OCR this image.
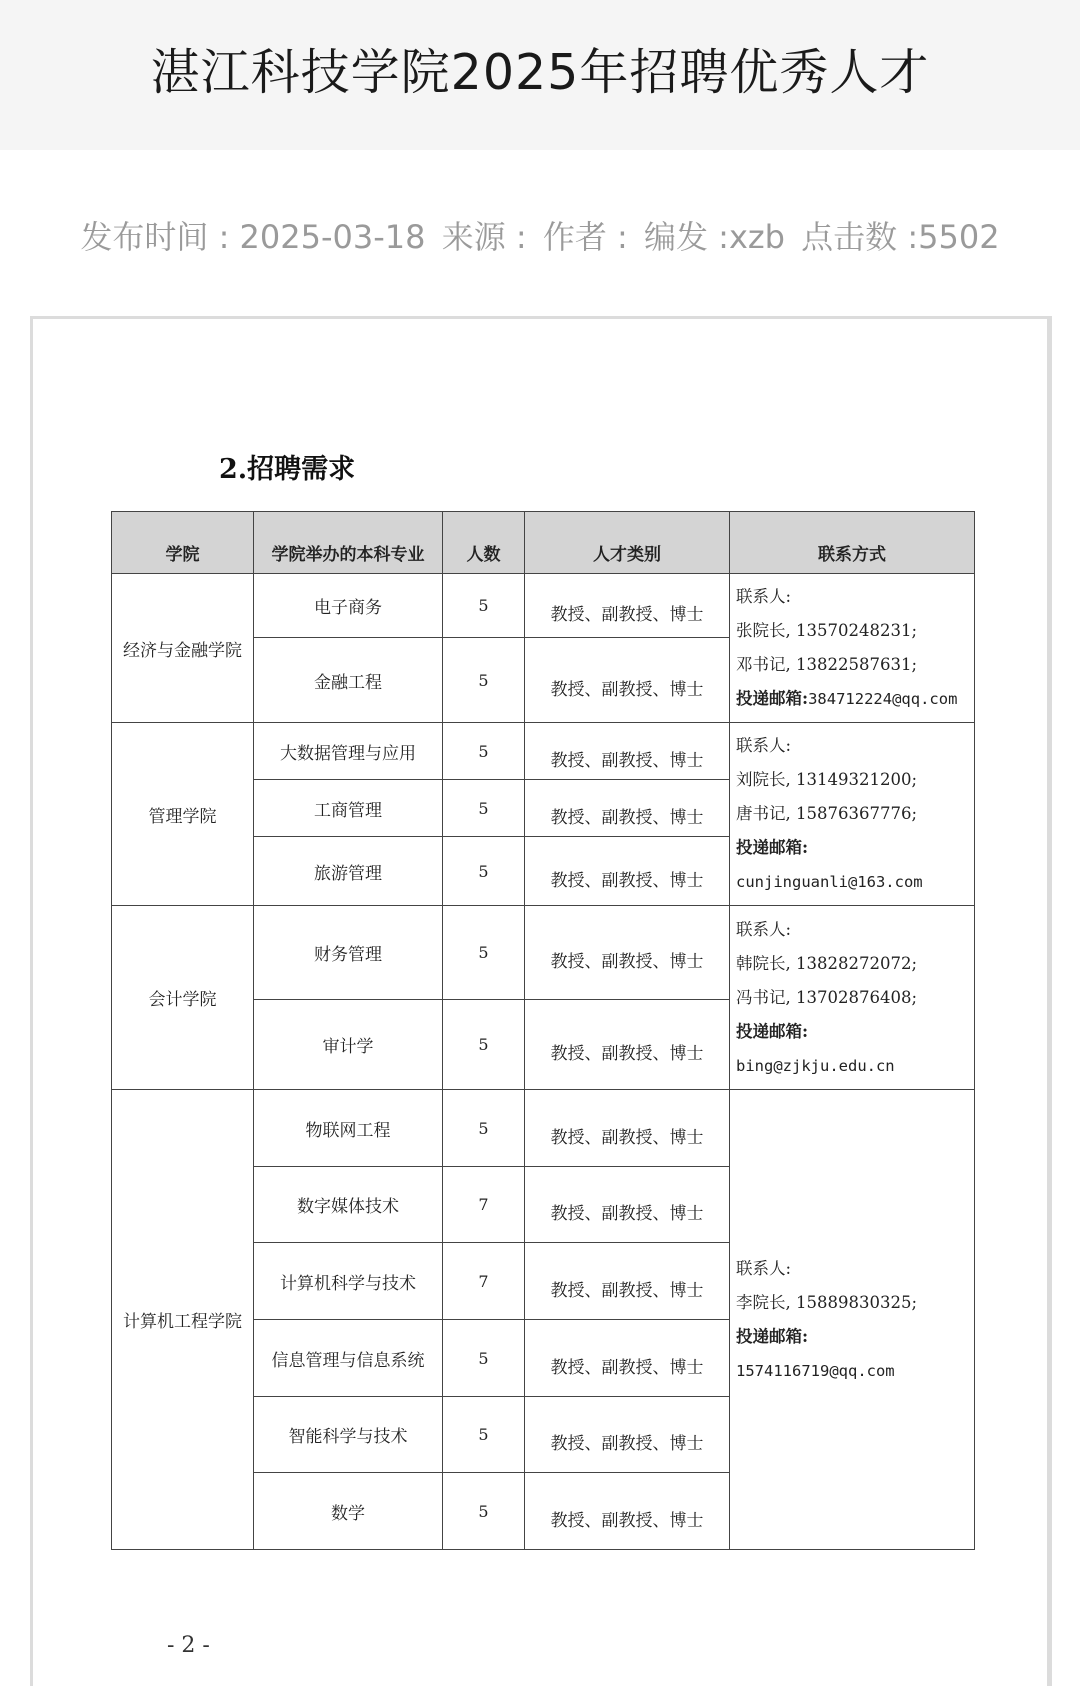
湛江科技学院2025年招聘优秀人才
发布时间 : 2025-03-18 来源 : 作者 : 编发 :xzb 点击数 :5502
2.招聘需求
学院	学院举办的本科专业	人数	人才类别	联系方式
经济与金融学院	电子商务	5	教授、副教授、博士	联系人:
张院长, 13570248231;
邓书记, 13822587631;
投递邮箱:384712224@qq.com

	金融工程	5	教授、副教授、博士	
管理学院	大数据管理与应用	5	教授、副教授、博士	联系人:
刘院长, 13149321200;
唐书记, 15876367776;
投递邮箱:
cunjinguanli@163.com

	工商管理	5	教授、副教授、博士	
	旅游管理	5	教授、副教授、博士	
会计学院	财务管理	5	教授、副教授、博士	联系人:
韩院长, 13828272072;
冯书记, 13702876408;
投递邮箱:
bing@zjkju.edu.cn

	审计学	5	教授、副教授、博士	
计算机工程学院	物联网工程	5	教授、副教授、博士	联系人:
李院长, 15889830325;
投递邮箱:
1574116719@qq.com

	数字媒体技术	7	教授、副教授、博士	
	计算机科学与技术	7	教授、副教授、博士	
	信息管理与信息系统	5	教授、副教授、博士	
	智能科学与技术	5	教授、副教授、博士	
	数学	5	教授、副教授、博士	
- 2 -
